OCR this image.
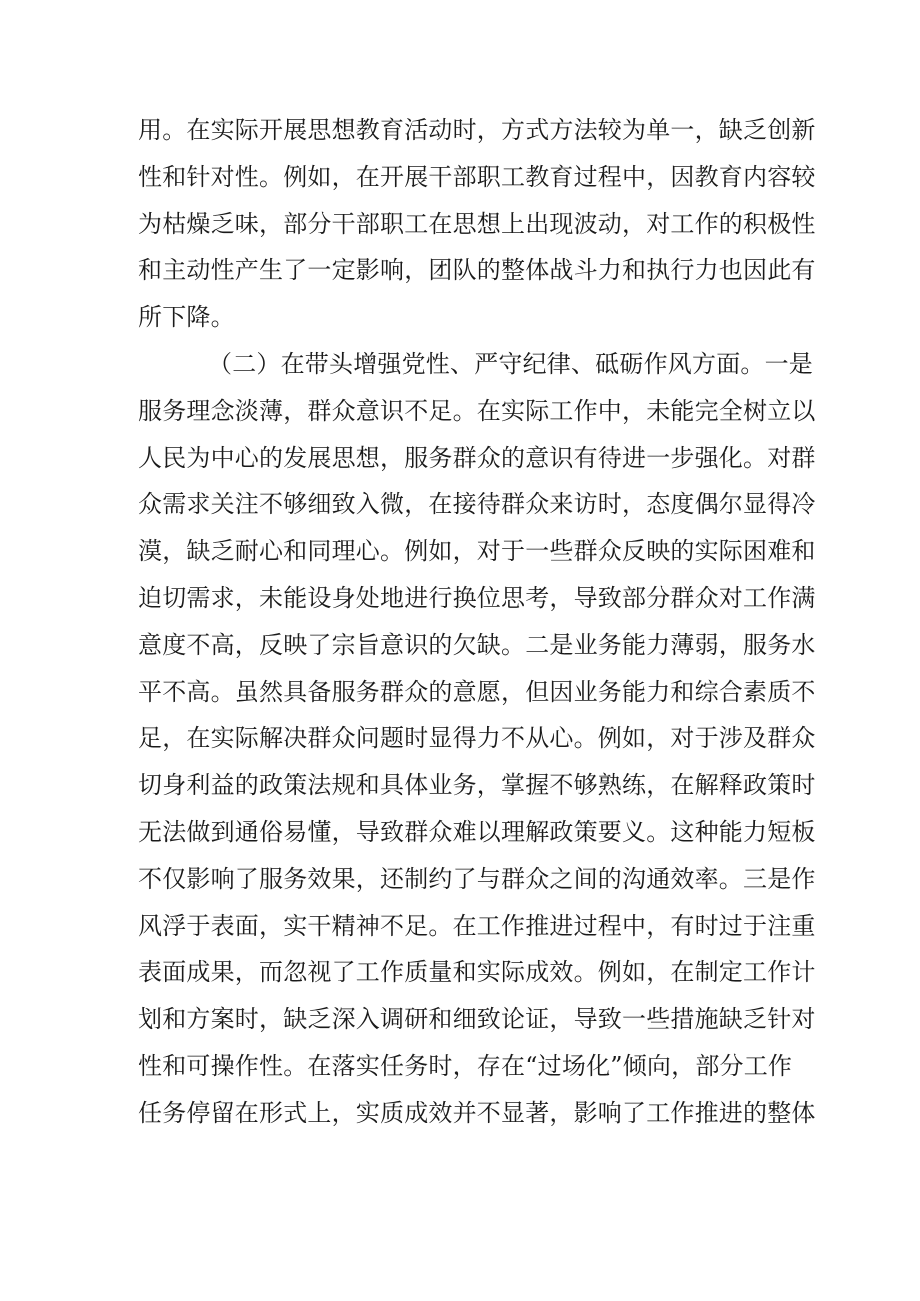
用。在实际开展思想教育活动时，方式方法较为单一，缺乏创新
性和针对性。例如，在开展干部职工教育过程中，因教育内容较
为枯燥乏味，部分干部职工在思想上出现波动，对工作的积极性
和主动性产生了一定影响，团队的整体战斗力和执行力也因此有
所下降。
（二）在带头增强党性、严守纪律、砥砺作风方面。一是
服务理念淡薄，群众意识不足。在实际工作中，未能完全树立以
人民为中心的发展思想，服务群众的意识有待进一步强化。对群
众需求关注不够细致入微，在接待群众来访时，态度偶尔显得冷
漠，缺乏耐心和同理心。例如，对于一些群众反映的实际困难和
迫切需求，未能设身处地进行换位思考，导致部分群众对工作满
意度不高，反映了宗旨意识的欠缺。二是业务能力薄弱，服务水
平不高。虽然具备服务群众的意愿，但因业务能力和综合素质不
足，在实际解决群众问题时显得力不从心。例如，对于涉及群众
切身利益的政策法规和具体业务，掌握不够熟练，在解释政策时
无法做到通俗易懂，导致群众难以理解政策要义。这种能力短板
不仅影响了服务效果，还制约了与群众之间的沟通效率。三是作
风浮于表面，实干精神不足。在工作推进过程中，有时过于注重
表面成果，而忽视了工作质量和实际成效。例如，在制定工作计
划和方案时，缺乏深入调研和细致论证，导致一些措施缺乏针对
性和可操作性。在落实任务时，存在“过场化”倾向，部分工作
任务停留在形式上，实质成效并不显著，影响了工作推进的整体
